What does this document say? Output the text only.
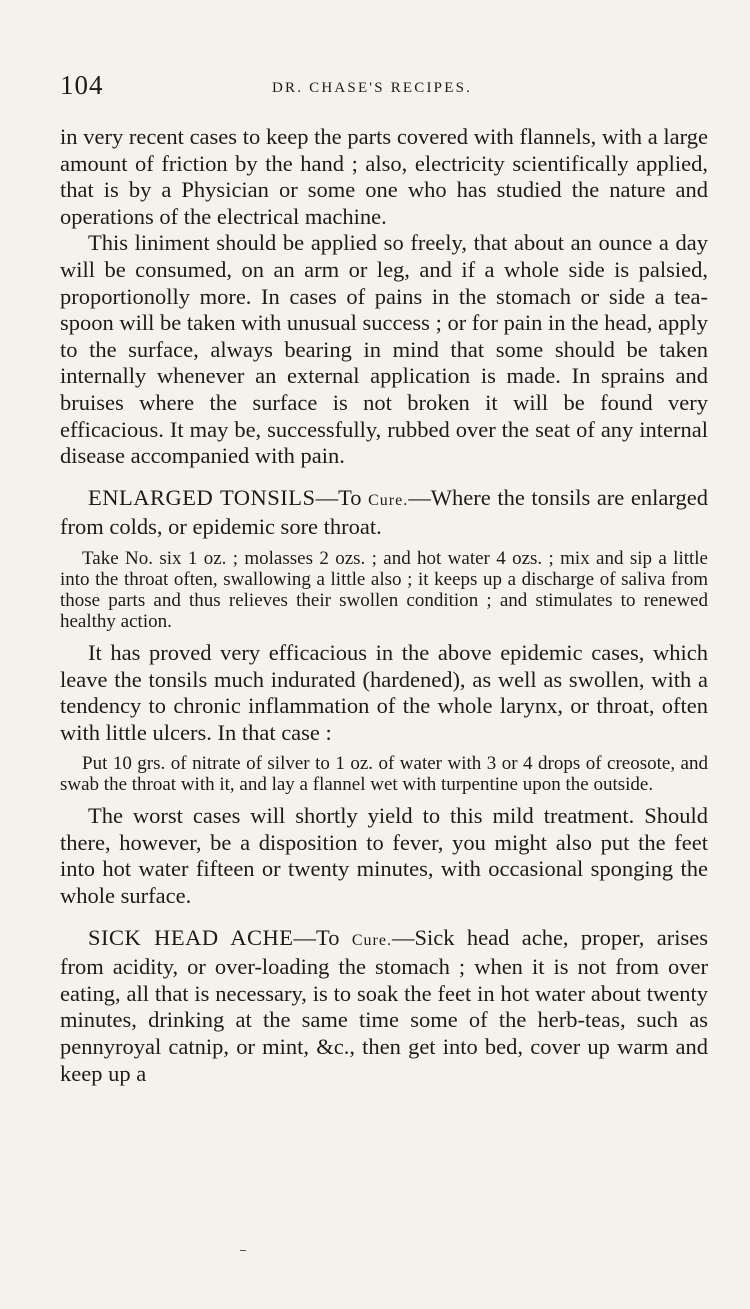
104	DR. CHASE'S RECIPES.

in very recent cases to keep the parts covered with flannels, with a large amount of friction by the hand ; also, electricity scientifically applied, that is by a Physician or some one who has studied the nature and operations of the electrical machine.

This liniment should be applied so freely, that about an ounce a day will be consumed, on an arm or leg, and if a whole side is palsied, proportionolly more. In cases of pains in the stomach or side a tea-spoon will be taken with unusual success ; or for pain in the head, apply to the surface, always bearing in mind that some should be taken internally whenever an external application is made. In sprains and bruises where the surface is not broken it will be found very efficacious. It may be, successfully, rubbed over the seat of any internal disease accompanied with pain.

ENLARGED TONSILS—To Cure.—Where the tonsils are enlarged from colds, or epidemic sore throat.

Take No. six 1 oz. ; molasses 2 ozs. ; and hot water 4 ozs. ; mix and sip a little into the throat often, swallowing a little also ; it keeps up a discharge of saliva from those parts and thus relieves their swollen condition ; and stimulates to renewed healthy action.

It has proved very efficacious in the above epidemic cases, which leave the tonsils much indurated (hardened), as well as swollen, with a tendency to chronic inflammation of the whole larynx, or throat, often with little ulcers. In that case :

Put 10 grs. of nitrate of silver to 1 oz. of water with 3 or 4 drops of creosote, and swab the throat with it, and lay a flannel wet with turpentine upon the outside.

The worst cases will shortly yield to this mild treatment. Should there, however, be a disposition to fever, you might also put the feet into hot water fifteen or twenty minutes, with occasional sponging the whole surface.

SICK HEAD ACHE—To Cure.—Sick head ache, proper, arises from acidity, or over-loading the stomach ; when it is not from over eating, all that is necessary, is to soak the feet in hot water about twenty minutes, drinking at the same time some of the herb-teas, such as pennyroyal catnip, or mint, &c., then get into bed, cover up warm and keep up a
